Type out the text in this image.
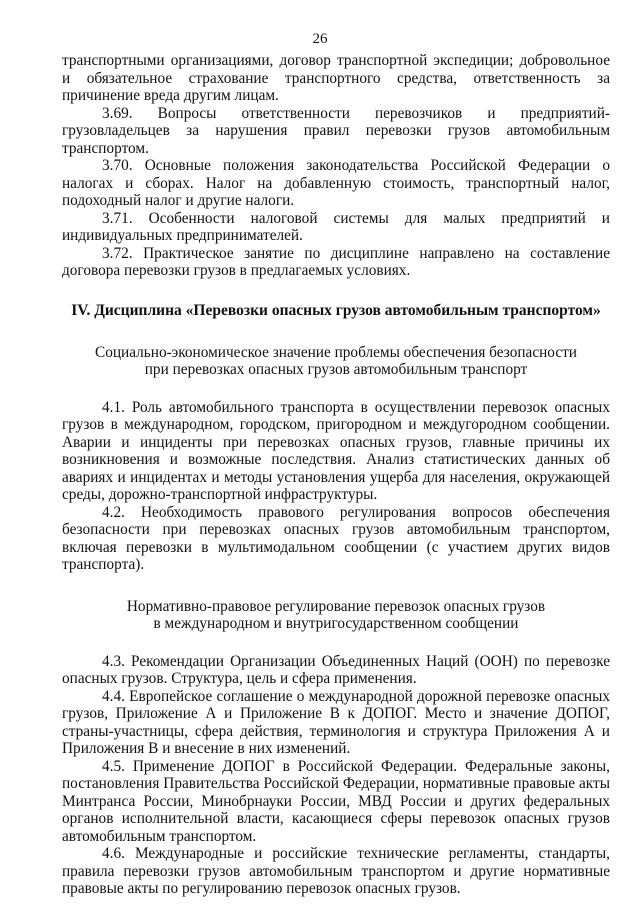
26

транспортными организациями, договор транспортной экспедиции; добровольное и обязательное страхование транспортного средства, ответственность за причинение вреда другим лицам.

3.69. Вопросы ответственности перевозчиков и предприятий-грузовладельцев за нарушения правил перевозки грузов автомобильным транспортом.

3.70. Основные положения законодательства Российской Федерации о налогах и сборах. Налог на добавленную стоимость, транспортный налог, подоходный налог и другие налоги.

3.71. Особенности налоговой системы для малых предприятий и индивидуальных предпринимателей.

3.72. Практическое занятие по дисциплине направлено на составление договора перевозки грузов в предлагаемых условиях.

IV. Дисциплина «Перевозки опасных грузов автомобильным транспортом»
Социально-экономическое значение проблемы обеспечения безопасности
при перевозках опасных грузов автомобильным транспорт

4.1. Роль автомобильного транспорта в осуществлении перевозок опасных грузов в международном, городском, пригородном и междугородном сообщении. Аварии и инциденты при перевозках опасных грузов, главные причины их возникновения и возможные последствия. Анализ статистических данных об авариях и инцидентах и методы установления ущерба для населения, окружающей среды, дорожно-транспортной инфраструктуры.

4.2. Необходимость правового регулирования вопросов обеспечения безопасности при перевозках опасных грузов автомобильным транспортом, включая перевозки в мультимодальном сообщении (с участием других видов транспорта).

Нормативно-правовое регулирование перевозок опасных грузов
в международном и внутригосударственном сообщении

4.3. Рекомендации Организации Объединенных Наций (ООН) по перевозке опасных грузов. Структура, цель и сфера применения.

4.4. Европейское соглашение о международной дорожной перевозке опасных грузов, Приложение А и Приложение В к ДОПОГ. Место и значение ДОПОГ, страны-участницы, сфера действия, терминология и структура Приложения А и Приложения В и внесение в них изменений.

4.5. Применение ДОПОГ в Российской Федерации. Федеральные законы, постановления Правительства Российской Федерации, нормативные правовые акты Минтранса России, Минобрнауки России, МВД России и других федеральных органов исполнительной власти, касающиеся сферы перевозок опасных грузов автомобильным транспортом.

4.6. Международные и российские технические регламенты, стандарты, правила перевозки грузов автомобильным транспортом и другие нормативные правовые акты по регулированию перевозок опасных грузов.
